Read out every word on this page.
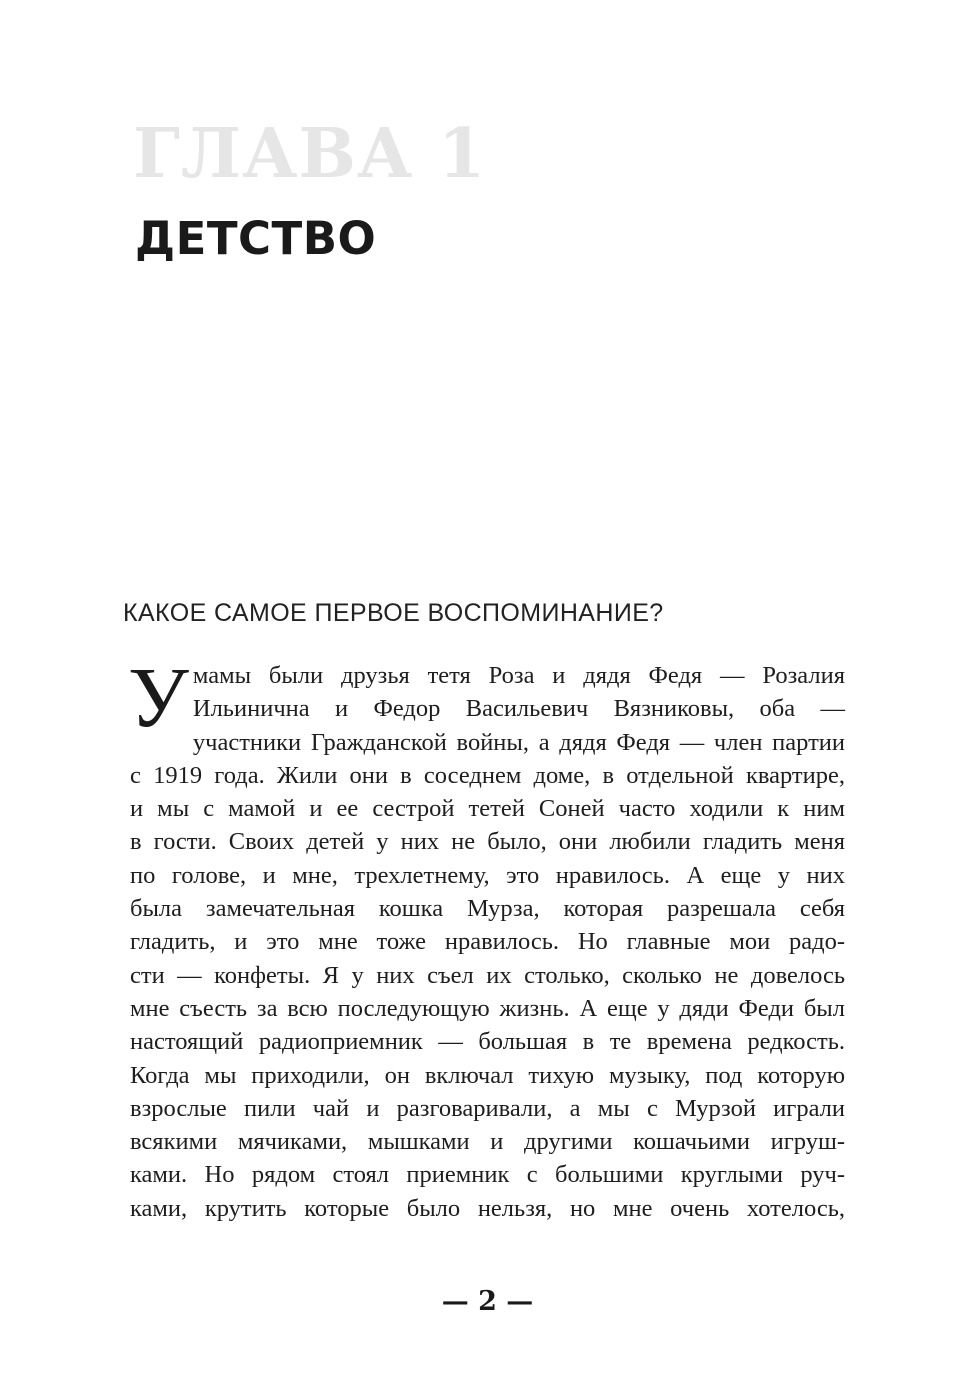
ГЛАВА 1
ДЕТСТВО
КАКОЕ САМОЕ ПЕРВОЕ ВОСПОМИНАНИЕ?
У мамы были друзья тетя Роза и дядя Федя — Розалия
Ильинична и Федор Васильевич Вязниковы, оба —
участники Гражданской войны, а дядя Федя — член партии
с 1919 года. Жили они в соседнем доме, в отдельной квартире,
и мы с мамой и ее сестрой тетей Соней часто ходили к ним
в гости. Своих детей у них не было, они любили гладить меня
по голове, и мне, трехлетнему, это нравилось. А еще у них
была замечательная кошка Мурза, которая разрешала себя
гладить, и это мне тоже нравилось. Но главные мои радо-
сти — конфеты. Я у них съел их столько, сколько не довелось
мне съесть за всю последующую жизнь. А еще у дяди Феди был
настоящий радиоприемник — большая в те времена редкость.
Когда мы приходили, он включал тихую музыку, под которую
взрослые пили чай и разговаривали, а мы с Мурзой играли
всякими мячиками, мышками и другими кошачьими игруш-
ками. Но рядом стоял приемник с большими круглыми руч-
ками, крутить которые было нельзя, но мне очень хотелось,
— 2 —
